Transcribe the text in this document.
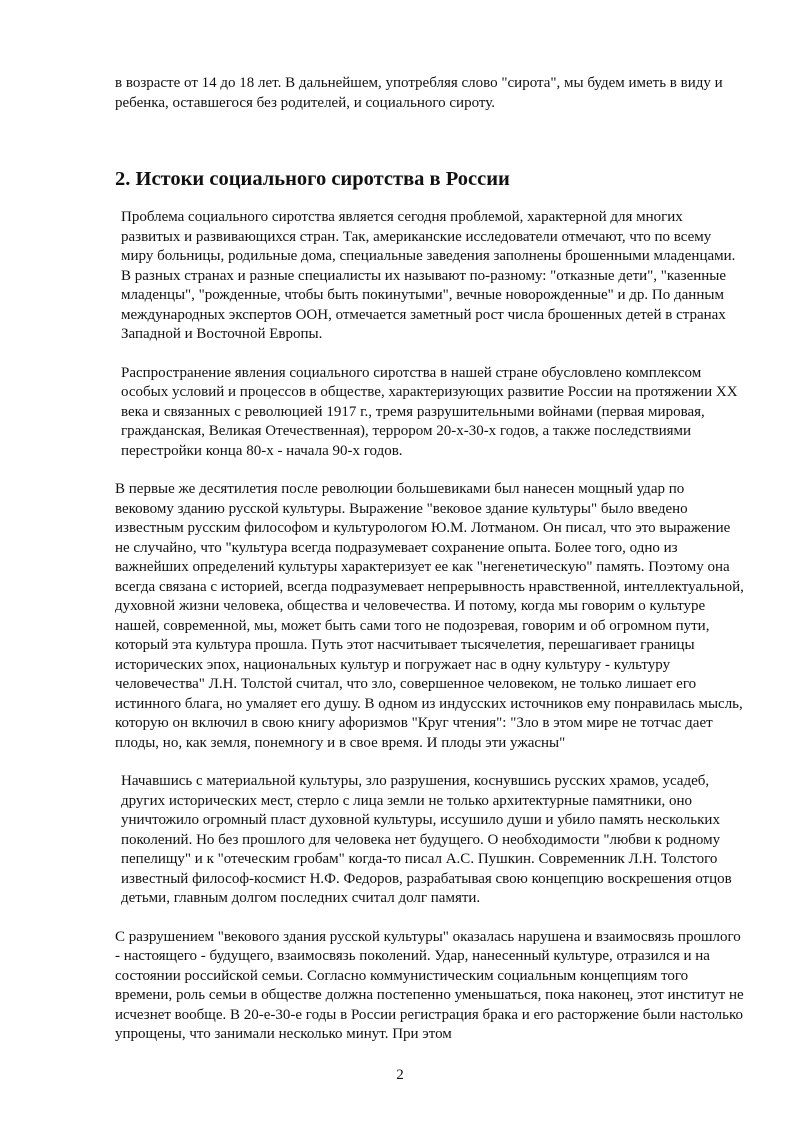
в возрасте от 14 до 18 лет. В дальнейшем, употребляя слово "сирота", мы будем иметь в виду и ребенка, оставшегося без родителей, и социального сироту.

2. Истоки социального сиротства в России

Проблема социального сиротства является сегодня проблемой, характерной для многих развитых и развивающихся стран. Так, американские исследователи отмечают, что по всему миру больницы, родильные дома, специальные заведения заполнены брошенными младенцами. В разных странах и разные специалисты их называют по-разному: "отказные дети", "казенные младенцы", "рожденные, чтобы быть покинутыми", вечные новорожденные" и др. По данным международных экспертов ООН, отмечается заметный рост числа брошенных детей в странах Западной и Восточной Европы.

Распространение явления социального сиротства в нашей стране обусловлено комплексом особых условий и процессов в обществе, характеризующих развитие России на протяжении XX века и связанных с революцией 1917 г., тремя разрушительными войнами (первая мировая, гражданская, Великая Отечественная), террором 20-х-30-х годов, а также последствиями перестройки конца 80-х - начала 90-х годов.

В первые же десятилетия после революции большевиками был нанесен мощный удар по вековому зданию русской культуры. Выражение "вековое здание культуры" было введено известным русским философом и культурологом Ю.М. Лотманом. Он писал, что это выражение не случайно, что "культура всегда подразумевает сохранение опыта. Более того, одно из важнейших определений культуры характеризует ее как "негенетическую" память. Поэтому она всегда связана с историей, всегда подразумевает непрерывность нравственной, интеллектуальной, духовной жизни человека, общества и человечества. И потому, когда мы говорим о культуре нашей, современной, мы, может быть сами того не подозревая, говорим и об огромном пути, который эта культура прошла. Путь этот насчитывает тысячелетия, перешагивает границы исторических эпох, национальных культур и погружает нас в одну культуру - культуру человечества" Л.Н. Толстой считал, что зло, совершенное человеком, не только лишает его истинного блага, но умаляет его душу. В одном из индусских источников ему понравилась мысль, которую он включил в свою книгу афоризмов "Круг чтения": "Зло в этом мире не тотчас дает плоды, но, как земля, понемногу и в свое время. И плоды эти ужасны"

Начавшись с материальной культуры, зло разрушения, коснувшись русских храмов, усадеб, других исторических мест, стерло с лица земли не только архитектурные памятники, оно уничтожило огромный пласт духовной культуры, иссушило души и убило память нескольких поколений. Но без прошлого для человека нет будущего. О необходимости "любви к родному пепелищу" и к "отеческим гробам" когда-то писал А.С. Пушкин. Современник Л.Н. Толстого известный философ-космист Н.Ф. Федоров, разрабатывая свою концепцию воскрешения отцов детьми, главным долгом последних считал долг памяти.

С разрушением "векового здания русской культуры" оказалась нарушена и взаимосвязь прошлого - настоящего - будущего, взаимосвязь поколений. Удар, нанесенный культуре, отразился и на состоянии российской семьи. Согласно коммунистическим социальным концепциям того времени, роль семьи в обществе должна постепенно уменьшаться, пока наконец, этот институт не исчезнет вообще. В 20-е-30-е годы в России регистрация брака и его расторжение были настолько упрощены, что занимали несколько минут. При этом

2
